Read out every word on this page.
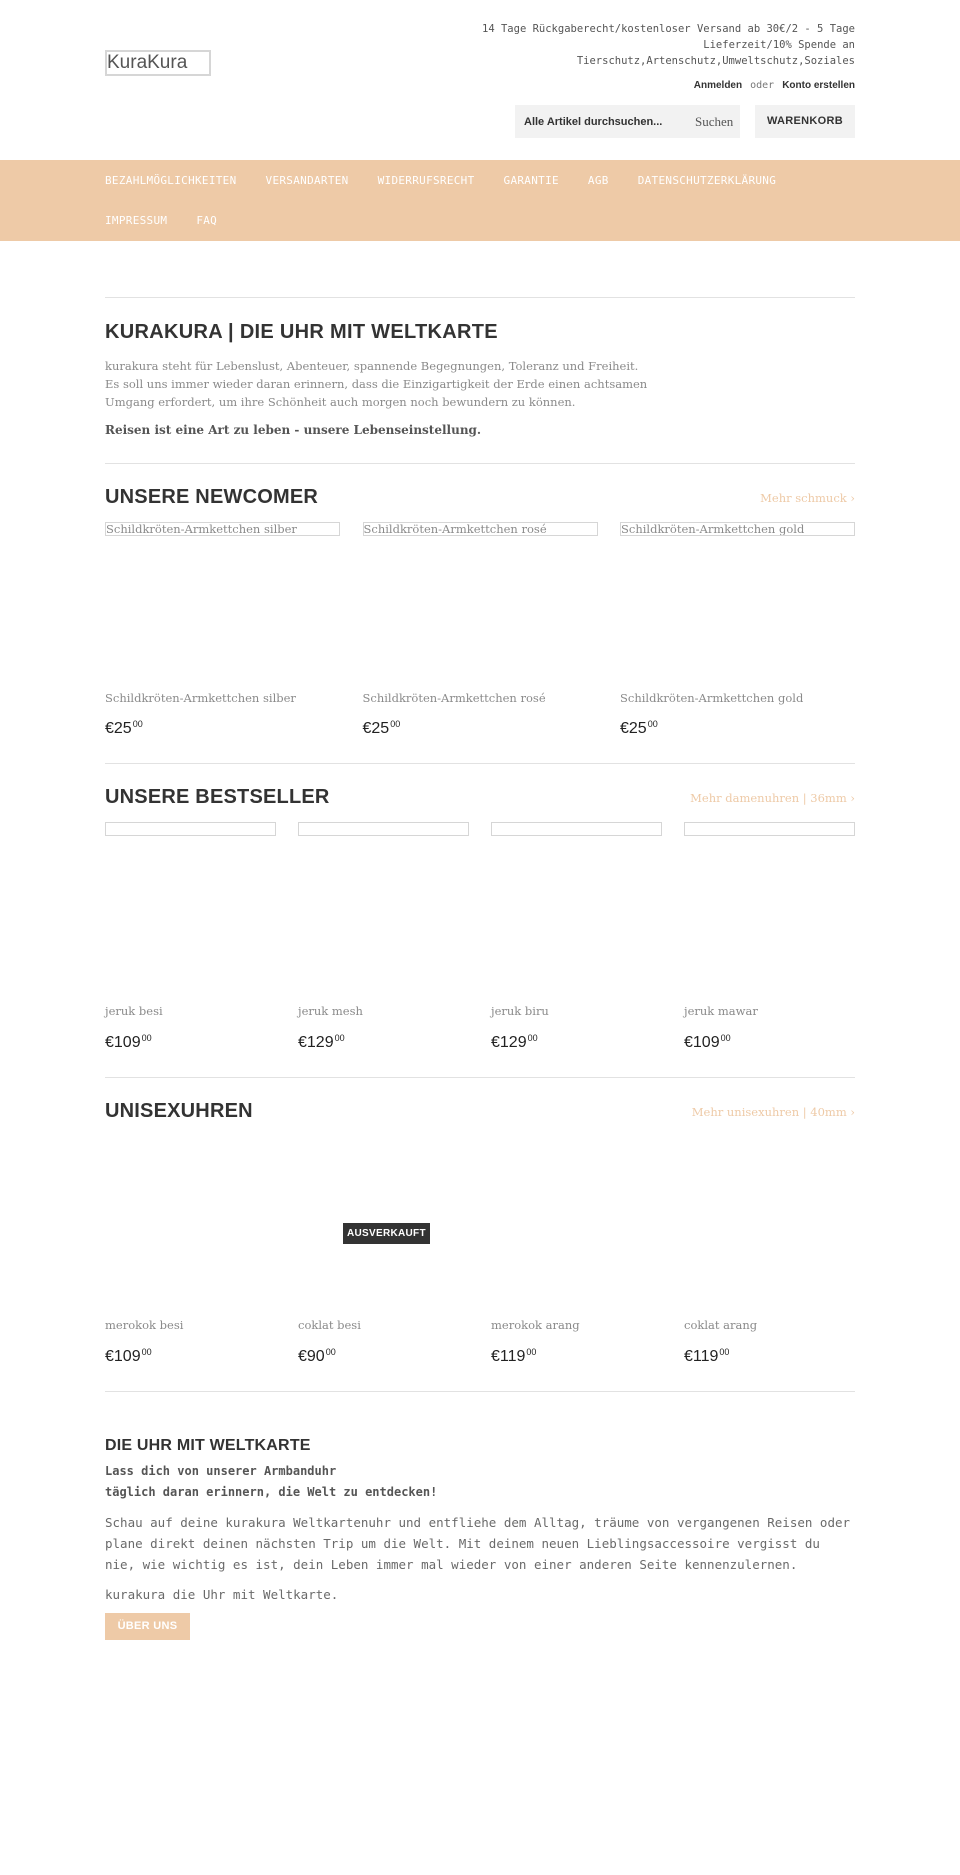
KuraKura
14 Tage Rückgaberecht/kostenloser Versand ab 30€/2 - 5 Tage Lieferzeit/10% Spende an Tierschutz,Artenschutz,Umweltschutz,Soziales
Anmelden oder Konto erstellen
Alle Artikel durchsuchen...
Suchen	WARENKORB
BEZAHLMÖGLICHKEITEN	VERSANDARTEN	WIDERRUFSRECHT	GARANTIE	AGB	DATENSCHUTZERKLÄRUNG
IMPRESSUM	FAQ
KURAKURA | DIE UHR MIT WELTKARTE

kurakura steht für Lebenslust, Abenteuer, spannende Begegnungen, Toleranz und Freiheit. Es soll uns immer wieder daran erinnern, dass die Einzigartigkeit der Erde einen achtsamen Umgang erfordert, um ihre Schönheit auch morgen noch bewundern zu können.

Reisen ist eine Art zu leben - unsere Lebenseinstellung.

UNSERE NEWCOMER	Mehr schmuck ›
Schildkröten-Armkettchen silber
Schildkröten-Armkettchen silber
$€25^{00}$
Schildkröten-Armkettchen rosé
Schildkröten-Armkettchen rosé
$€25^{00}$
Schildkröten-Armkettchen gold
Schildkröten-Armkettchen gold
$€25^{00}$
UNSERE BESTSELLER	Mehr damenuhren | 36mm ›
jeruk besi
$€109^{00}$
jeruk mesh
$€129^{00}$
jeruk biru
$€129^{00}$
jeruk mawar
$€109^{00}$
UNISEXUHREN	Mehr unisexuhren | 40mm ›
merokok besi
$€109^{00}$
AUSVERKAUFT
coklat besi
$€90^{00}$
merokok arang
$€119^{00}$
coklat arang
$€119^{00}$
DIE UHR MIT WELTKARTE

Lass dich von unserer Armbanduhr

täglich daran erinnern, die Welt zu entdecken!

Schau auf deine kurakura Weltkartenuhr und entfliehe dem Alltag, träume von vergangenen Reisen oder plane direkt deinen nächsten Trip um die Welt. Mit deinem neuen Lieblingsaccessoire vergisst du nie, wie wichtig es ist, dein Leben immer mal wieder von einer anderen Seite kennenzulernen.

kurakura die Uhr mit Weltkarte.

ÜBER UNS
